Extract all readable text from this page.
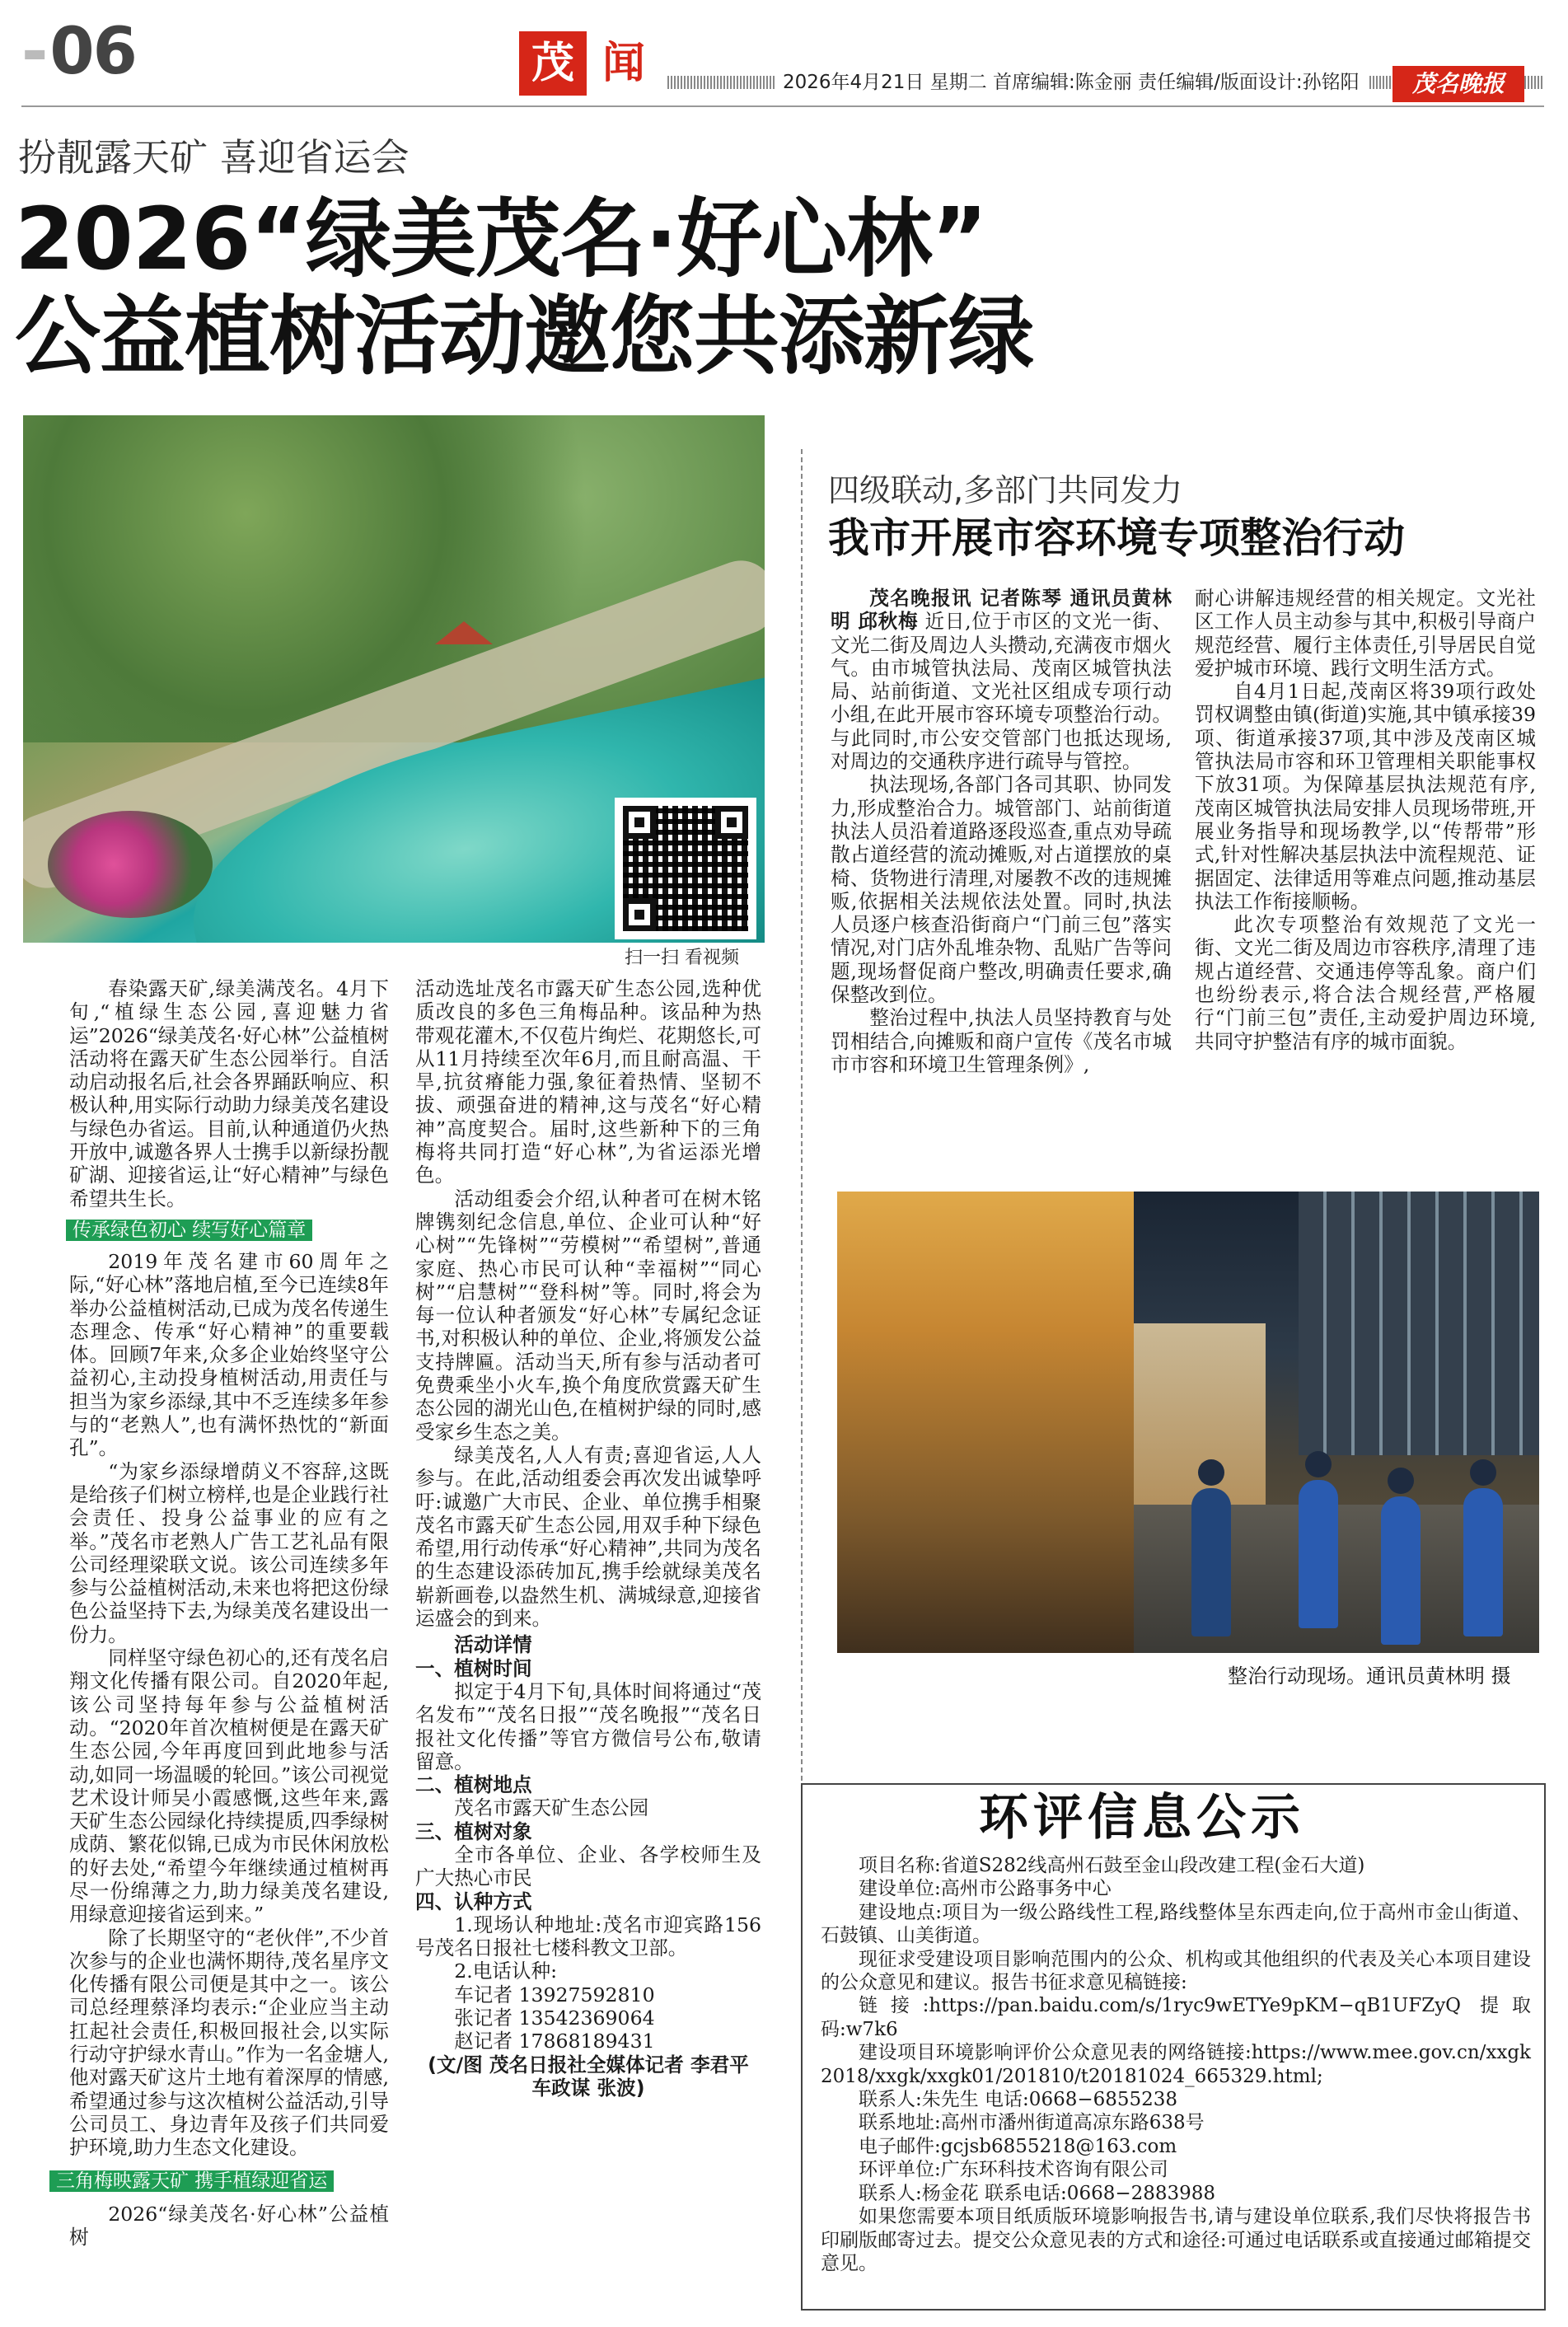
-06	茂 闻	2026年4月21日 星期二 首席编辑:陈金丽 责任编辑/版面设计:孙铭阳	茂名晚报
扮靓露天矿 喜迎省运会
2026“绿美茂名·好心林”
公益植树活动邀您共添新绿
扫一扫 看视频

春染露天矿,绿美满茂名。4月下旬,“植绿生态公园,喜迎魅力省运”2026“绿美茂名·好心林”公益植树活动将在露天矿生态公园举行。自活动启动报名后,社会各界踊跃响应、积极认种,用实际行动助力绿美茂名建设与绿色办省运。目前,认种通道仍火热开放中,诚邀各界人士携手以新绿扮靓矿湖、迎接省运,让“好心精神”与绿色希望共生长。

传承绿色初心 续写好心篇章

2019年茂名建市60周年之际,“好心林”落地启植,至今已连续8年举办公益植树活动,已成为茂名传递生态理念、传承“好心精神”的重要载体。回顾7年来,众多企业始终坚守公益初心,主动投身植树活动,用责任与担当为家乡添绿,其中不乏连续多年参与的“老熟人”,也有满怀热忱的“新面孔”。

“为家乡添绿增荫义不容辞,这既是给孩子们树立榜样,也是企业践行社会责任、投身公益事业的应有之举。”茂名市老熟人广告工艺礼品有限公司经理梁联文说。该公司连续多年参与公益植树活动,未来也将把这份绿色公益坚持下去,为绿美茂名建设出一份力。

同样坚守绿色初心的,还有茂名启翔文化传播有限公司。自2020年起,该公司坚持每年参与公益植树活动。“2020年首次植树便是在露天矿生态公园,今年再度回到此地参与活动,如同一场温暖的轮回。”该公司视觉艺术设计师吴小霞感慨,这些年来,露天矿生态公园绿化持续提质,四季绿树成荫、繁花似锦,已成为市民休闲放松的好去处,“希望今年继续通过植树再尽一份绵薄之力,助力绿美茂名建设,用绿意迎接省运到来。”

除了长期坚守的“老伙伴”,不少首次参与的企业也满怀期待,茂名星序文化传播有限公司便是其中之一。该公司总经理蔡泽均表示:“企业应当主动扛起社会责任,积极回报社会,以实际行动守护绿水青山。”作为一名金塘人,他对露天矿这片土地有着深厚的情感,希望通过参与这次植树公益活动,引导公司员工、身边青年及孩子们共同爱护环境,助力生态文化建设。

三角梅映露天矿 携手植绿迎省运

2026“绿美茂名·好心林”公益植树

活动选址茂名市露天矿生态公园,选种优质改良的多色三角梅品种。该品种为热带观花灌木,不仅苞片绚烂、花期悠长,可从11月持续至次年6月,而且耐高温、干旱,抗贫瘠能力强,象征着热情、坚韧不拔、顽强奋进的精神,这与茂名“好心精神”高度契合。届时,这些新种下的三角梅将共同打造“好心林”,为省运添光增色。

活动组委会介绍,认种者可在树木铭牌镌刻纪念信息,单位、企业可认种“好心树”“先锋树”“劳模树”“希望树”,普通家庭、热心市民可认种“幸福树”“同心树”“启慧树”“登科树”等。同时,将会为每一位认种者颁发“好心林”专属纪念证书,对积极认种的单位、企业,将颁发公益支持牌匾。活动当天,所有参与活动者可免费乘坐小火车,换个角度欣赏露天矿生态公园的湖光山色,在植树护绿的同时,感受家乡生态之美。

绿美茂名,人人有责;喜迎省运,人人参与。在此,活动组委会再次发出诚挚呼吁:诚邀广大市民、企业、单位携手相聚茂名市露天矿生态公园,用双手种下绿色希望,用行动传承“好心精神”,共同为茂名的生态建设添砖加瓦,携手绘就绿美茂名崭新画卷,以盎然生机、满城绿意,迎接省运盛会的到来。

活动详情

一、植树时间

拟定于4月下旬,具体时间将通过“茂名发布”“茂名日报”“茂名晚报”“茂名日报社文化传播”等官方微信号公布,敬请留意。

二、植树地点

茂名市露天矿生态公园

三、植树对象

全市各单位、企业、各学校师生及广大热心市民

四、认种方式

1.现场认种地址:茂名市迎宾路156号茂名日报社七楼科教文卫部。

2.电话认种:

车记者 13927592810

张记者 13542369064

赵记者 17868189431

(文/图 茂名日报社全媒体记者 李君平 车政谋 张波)

四级联动,多部门共同发力
我市开展市容环境专项整治行动

茂名晚报讯 记者陈琴 通讯员黄林明 邱秋梅 近日,位于市区的文光一街、文光二街及周边人头攒动,充满夜市烟火气。由市城管执法局、茂南区城管执法局、站前街道、文光社区组成专项行动小组,在此开展市容环境专项整治行动。与此同时,市公安交管部门也抵达现场,对周边的交通秩序进行疏导与管控。

执法现场,各部门各司其职、协同发力,形成整治合力。城管部门、站前街道执法人员沿着道路逐段巡查,重点劝导疏散占道经营的流动摊贩,对占道摆放的桌椅、货物进行清理,对屡教不改的违规摊贩,依据相关法规依法处置。同时,执法人员逐户核查沿街商户“门前三包”落实情况,对门店外乱堆杂物、乱贴广告等问题,现场督促商户整改,明确责任要求,确保整改到位。

整治过程中,执法人员坚持教育与处罚相结合,向摊贩和商户宣传《茂名市城市市容和环境卫生管理条例》,

耐心讲解违规经营的相关规定。文光社区工作人员主动参与其中,积极引导商户规范经营、履行主体责任,引导居民自觉爱护城市环境、践行文明生活方式。

自4月1日起,茂南区将39项行政处罚权调整由镇(街道)实施,其中镇承接39项、街道承接37项,其中涉及茂南区城管执法局市容和环卫管理相关职能事权下放31项。为保障基层执法规范有序,茂南区城管执法局安排人员现场带班,开展业务指导和现场教学,以“传帮带”形式,针对性解决基层执法中流程规范、证据固定、法律适用等难点问题,推动基层执法工作衔接顺畅。

此次专项整治有效规范了文光一街、文光二街及周边市容秩序,清理了违规占道经营、交通违停等乱象。商户们也纷纷表示,将合法合规经营,严格履行“门前三包”责任,主动爱护周边环境,共同守护整洁有序的城市面貌。

整治行动现场。通讯员黄林明 摄
环评信息公示

项目名称:省道S282线高州石鼓至金山段改建工程(金石大道)

建设单位:高州市公路事务中心

建设地点:项目为一级公路线性工程,路线整体呈东西走向,位于高州市金山街道、石鼓镇、山美街道。

现征求受建设项目影响范围内的公众、机构或其他组织的代表及关心本项目建设的公众意见和建议。报告书征求意见稿链接:

链接:https://pan.baidu.com/s/1ryc9wETYe9pKM−qB1UFZyQ 提取码:w7k6

建设项目环境影响评价公众意见表的网络链接:https://www.mee.gov.cn/xxgk2018/xxgk/xxgk01/201810/t20181024_665329.html;

联系人:朱先生 电话:0668−6855238

联系地址:高州市潘州街道高凉东路638号

电子邮件:gcjsb6855218@163.com

环评单位:广东环科技术咨询有限公司

联系人:杨金花 联系电话:0668−2883988

如果您需要本项目纸质版环境影响报告书,请与建设单位联系,我们尽快将报告书印刷版邮寄过去。提交公众意见表的方式和途径:可通过电话联系或直接通过邮箱提交意见。
